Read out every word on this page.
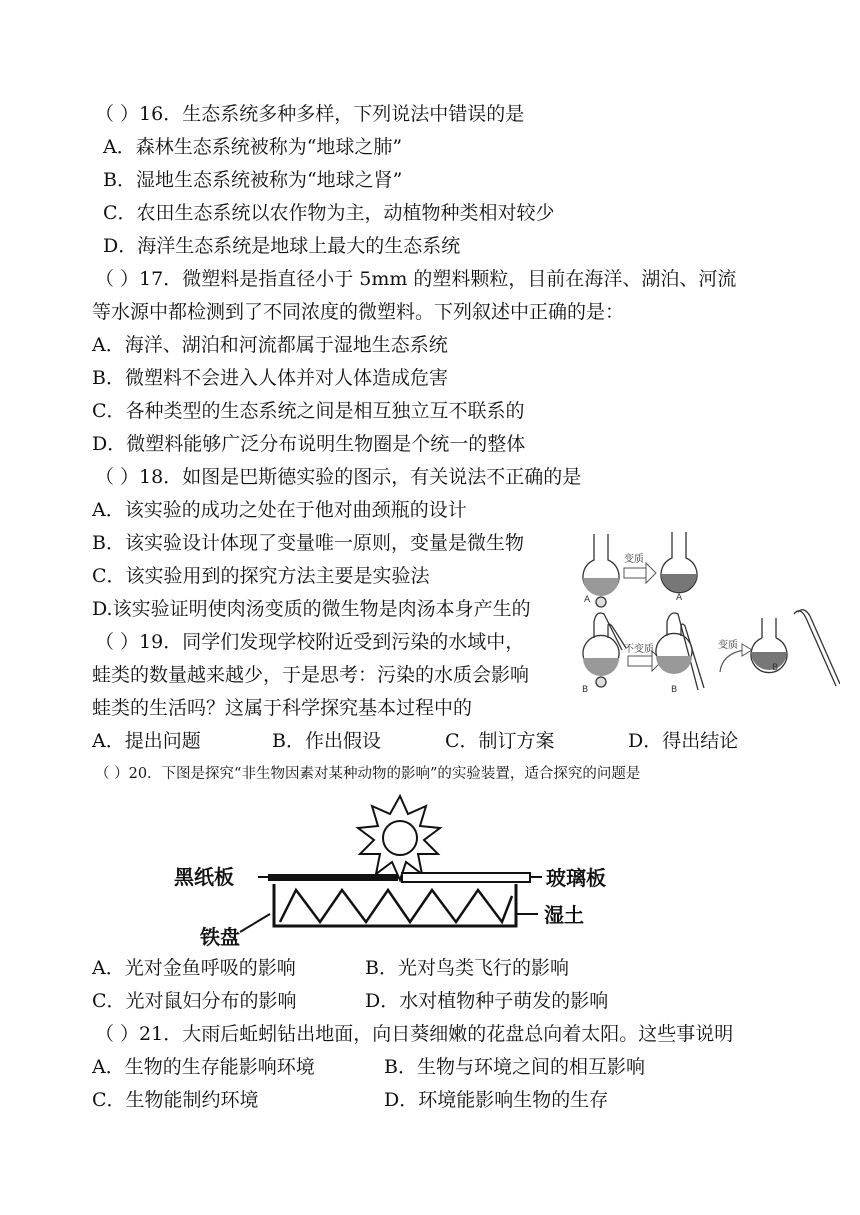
（ ）16．生态系统多种多样，下列说法中错误的是
A．森林生态系统被称为“地球之肺”
B．湿地生态系统被称为“地球之肾”
C．农田生态系统以农作物为主，动植物种类相对较少
D．海洋生态系统是地球上最大的生态系统
（ ）17．微塑料是指直径小于 5mm 的塑料颗粒，目前在海洋、湖泊、河流
等水源中都检测到了不同浓度的微塑料。下列叙述中正确的是：
A．海洋、湖泊和河流都属于湿地生态系统
B．微塑料不会进入人体并对人体造成危害
C．各种类型的生态系统之间是相互独立互不联系的
D．微塑料能够广泛分布说明生物圈是个统一的整体
（ ）18．如图是巴斯德实验的图示，有关说法不正确的是
A．该实验的成功之处在于他对曲颈瓶的设计
B．该实验设计体现了变量唯一原则，变量是微生物
C．该实验用到的探究方法主要是实验法
D.该实验证明使肉汤变质的微生物是肉汤本身产生的	A
变质
A
B
不变质
B
变质
B
（ ）19．同学们发现学校附近受到污染的水域中，
蛙类的数量越来越少，于是思考：污染的水质会影响
蛙类的生活吗？这属于科学探究基本过程中的
A．提出问题	B．作出假设	C．制订方案	D．得出结论
（ ）20．下图是探究“非生物因素对某种动物的影响”的实验装置，适合探究的问题是
黑纸板	玻璃板
湿土
铁盘
A．光对金鱼呼吸的影响	B．光对鸟类飞行的影响
C．光对鼠妇分布的影响	D．水对植物种子萌发的影响
（ ）21．大雨后蚯蚓钻出地面，向日葵细嫩的花盘总向着太阳。这些事说明
A．生物的生存能影响环境	B．生物与环境之间的相互影响
C．生物能制约环境	D．环境能影响生物的生存
